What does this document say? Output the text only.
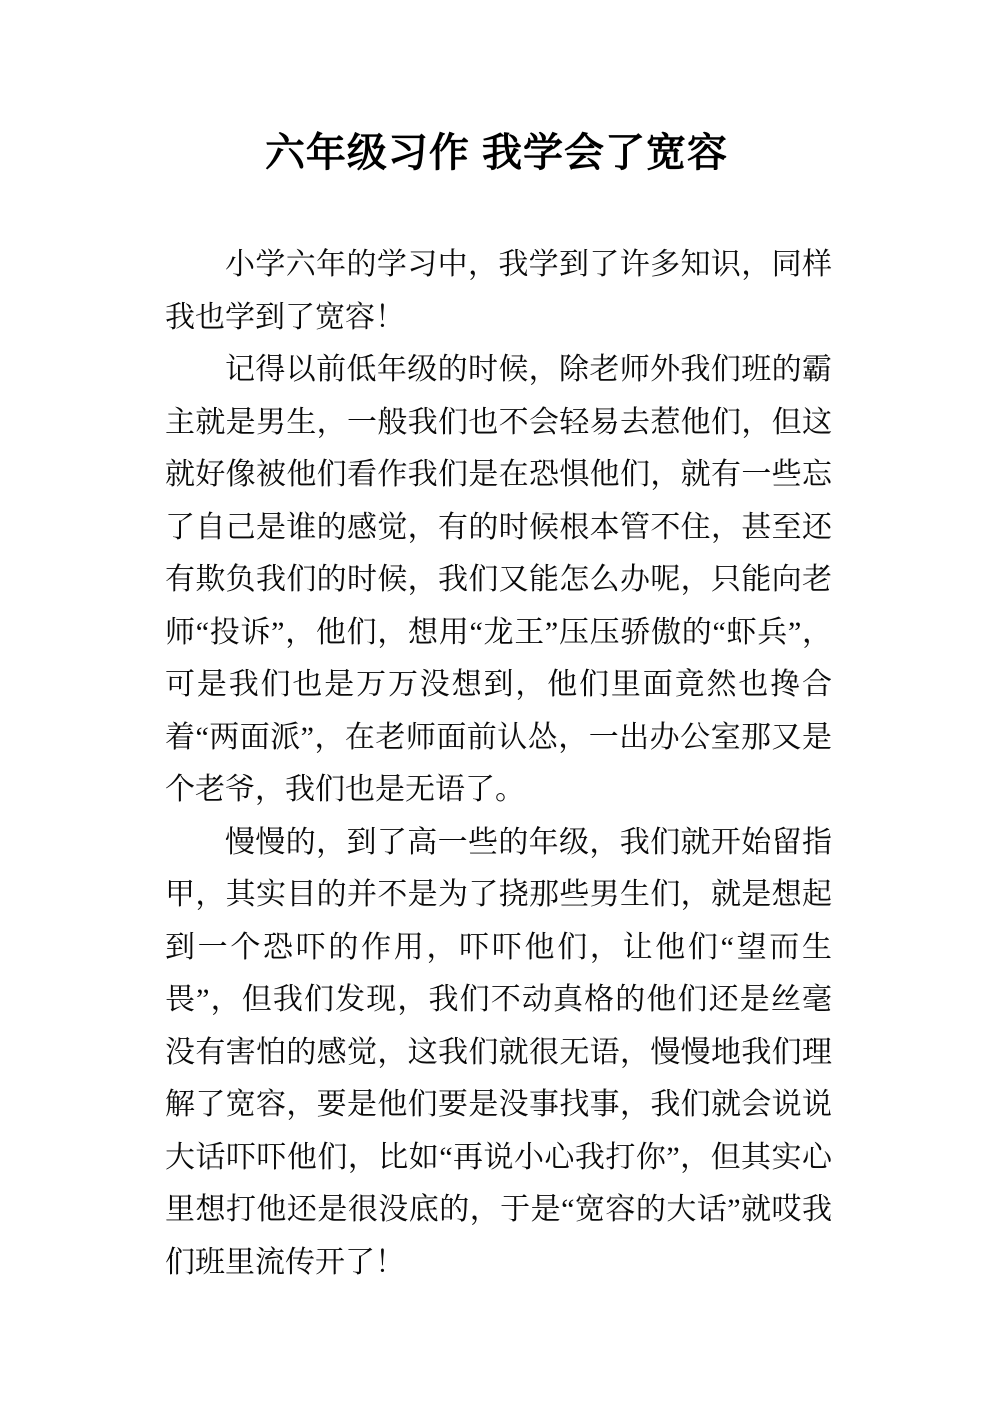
六年级习作 我学会了宽容

小学六年的学习中，我学到了许多知识，同样我也学到了宽容！

记得以前低年级的时候，除老师外我们班的霸主就是男生，一般我们也不会轻易去惹他们，但这就好像被他们看作我们是在恐惧他们，就有一些忘了自己是谁的感觉，有的时候根本管不住，甚至还有欺负我们的时候，我们又能怎么办呢，只能向老师“投诉”，他们，想用“龙王”压压骄傲的“虾兵”，可是我们也是万万没想到，他们里面竟然也搀合着“两面派”，在老师面前认怂，一出办公室那又是个老爷，我们也是无语了。

慢慢的，到了高一些的年级，我们就开始留指甲，其实目的并不是为了挠那些男生们，就是想起到一个恐吓的作用，吓吓他们，让他们“望而生畏”，但我们发现，我们不动真格的他们还是丝毫没有害怕的感觉，这我们就很无语，慢慢地我们理解了宽容，要是他们要是没事找事，我们就会说说大话吓吓他们，比如“再说小心我打你”，但其实心里想打他还是很没底的，于是“宽容的大话”就哎我们班里流传开了！
